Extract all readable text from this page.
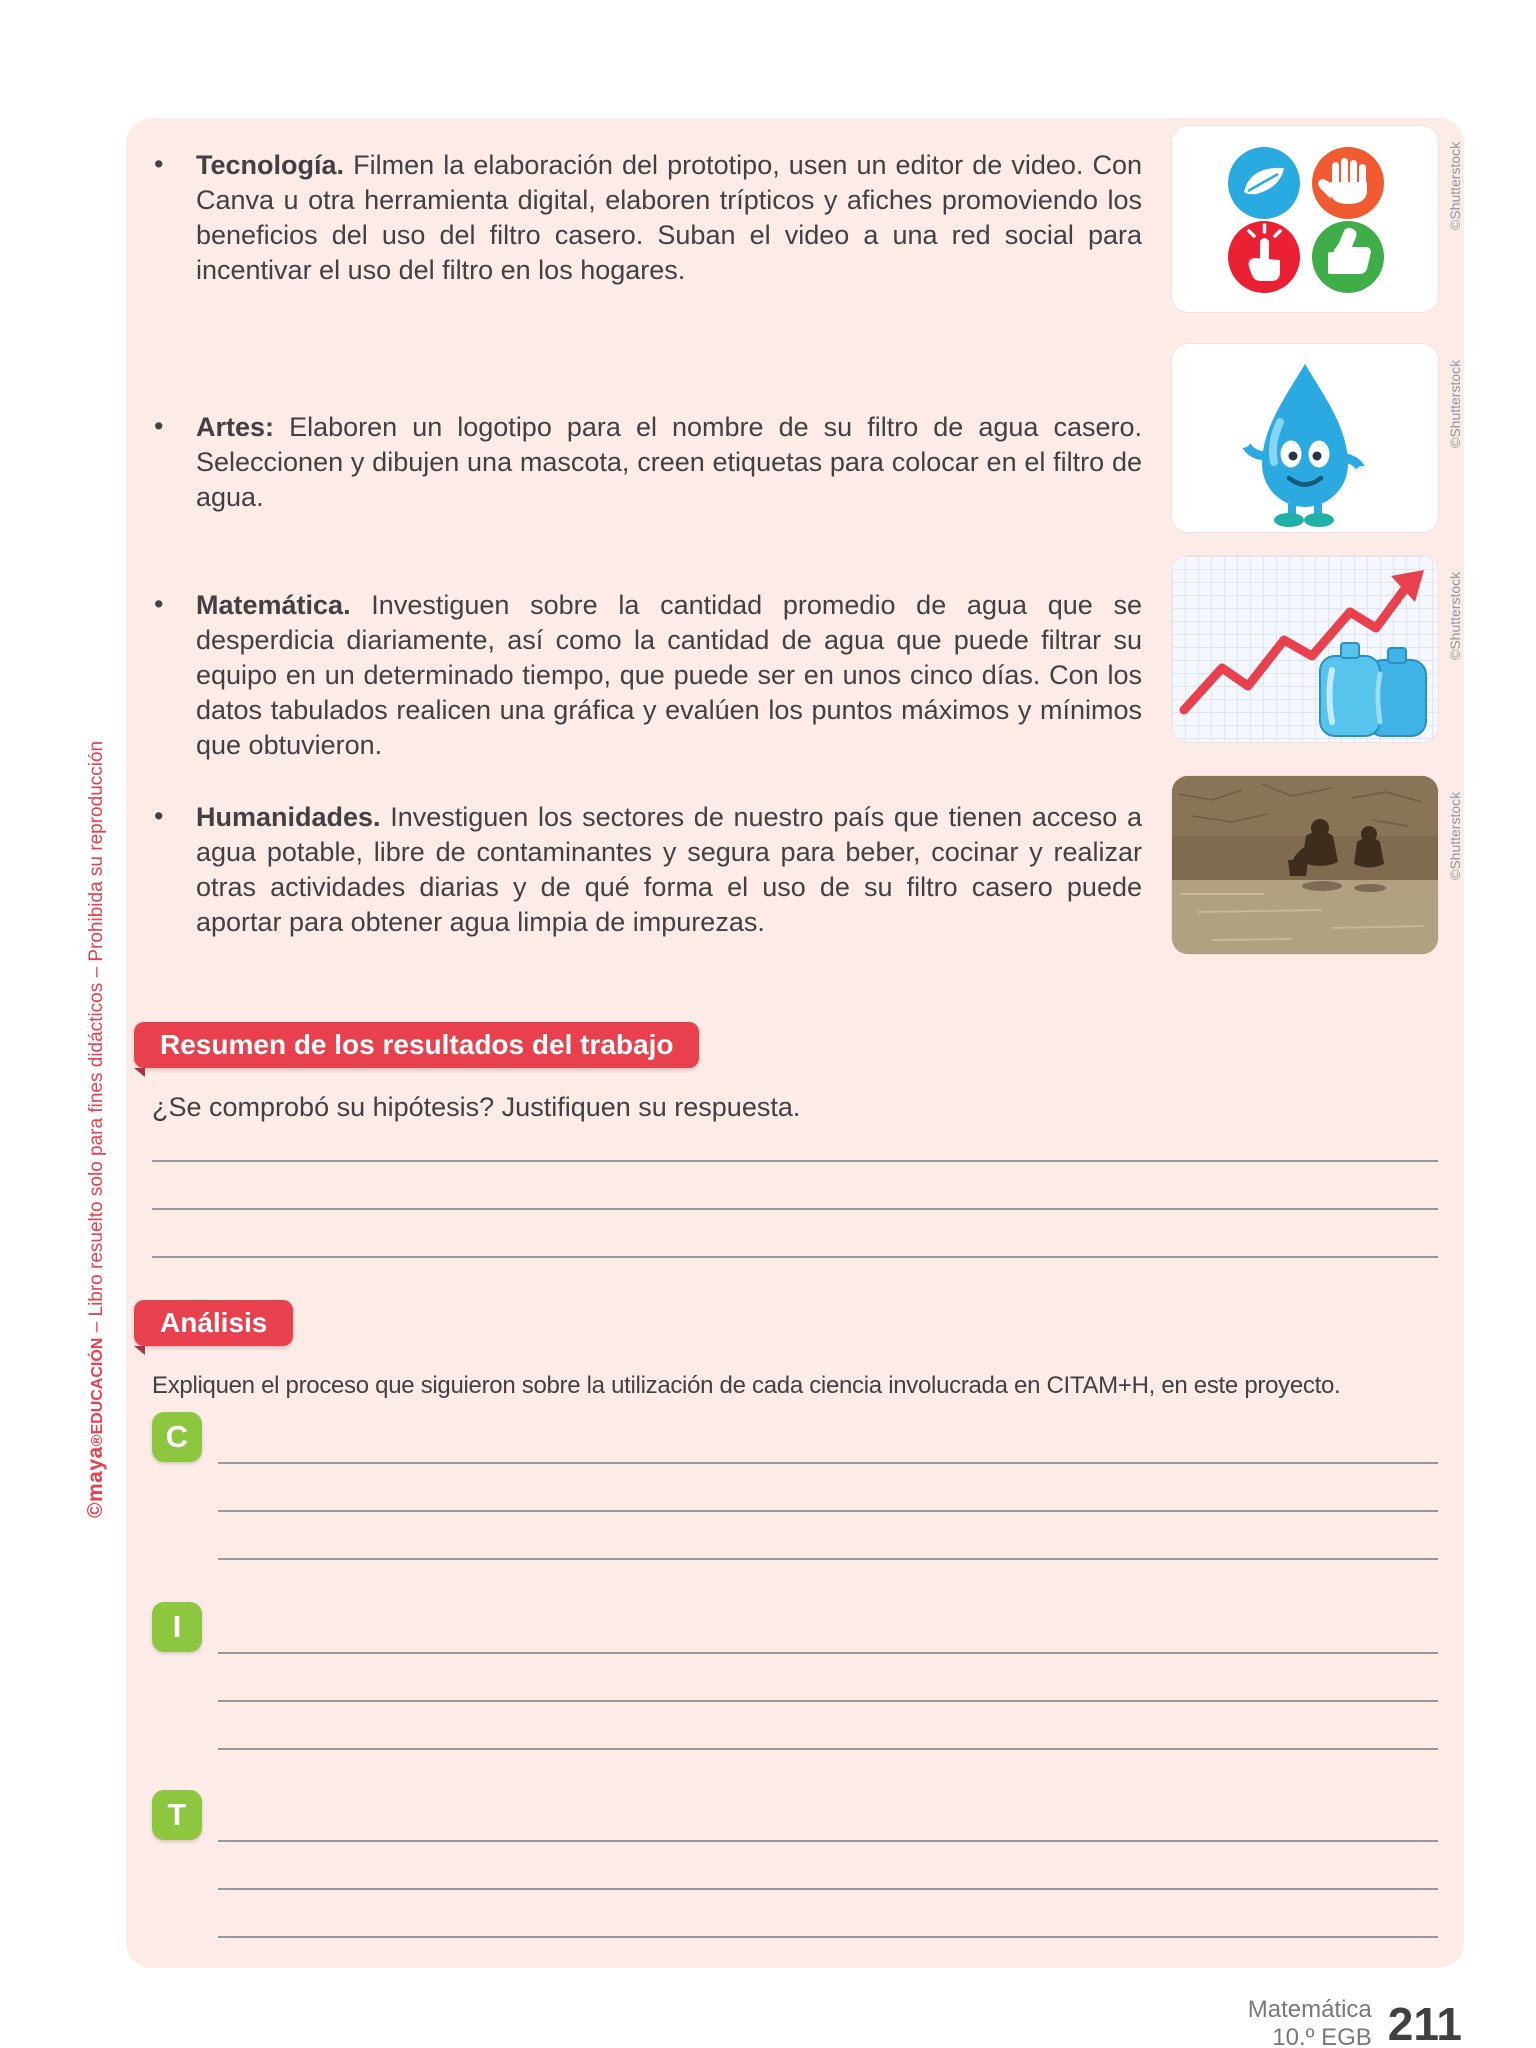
©maya®EDUCACIÓN – Libro resuelto solo para fines didácticos – Prohibida su reproducción
• Tecnología. Filmen la elaboración del prototipo, usen un editor de video. Con Canva u otra herramienta digital, elaboren trípticos y afiches promoviendo los beneficios del uso del filtro casero. Suban el video a una red social para incentivar el uso del filtro en los hogares.
• Artes: Elaboren un logotipo para el nombre de su filtro de agua casero. Seleccionen y dibujen una mascota, creen etiquetas para colocar en el filtro de agua.
• Matemática. Investiguen sobre la cantidad promedio de agua que se desperdicia diariamente, así como la cantidad de agua que puede filtrar su equipo en un determinado tiempo, que puede ser en unos cinco días. Con los datos tabulados realicen una gráfica y evalúen los puntos máximos y mínimos que obtuvieron.
• Humanidades. Investiguen los sectores de nuestro país que tienen acceso a agua potable, libre de contaminantes y segura para beber, cocinar y realizar otras actividades diarias y de qué forma el uso de su filtro casero puede aportar para obtener agua limpia de impurezas.
©Shutterstock
©Shutterstock
©Shutterstock
©Shutterstock
Resumen de los resultados del trabajo
¿Se comprobó su hipótesis? Justifiquen su respuesta.
Análisis
Expliquen el proceso que siguieron sobre la utilización de cada ciencia involucrada en CITAM+H, en este proyecto.
C
I
T
Matemática
10.º EGB 211
